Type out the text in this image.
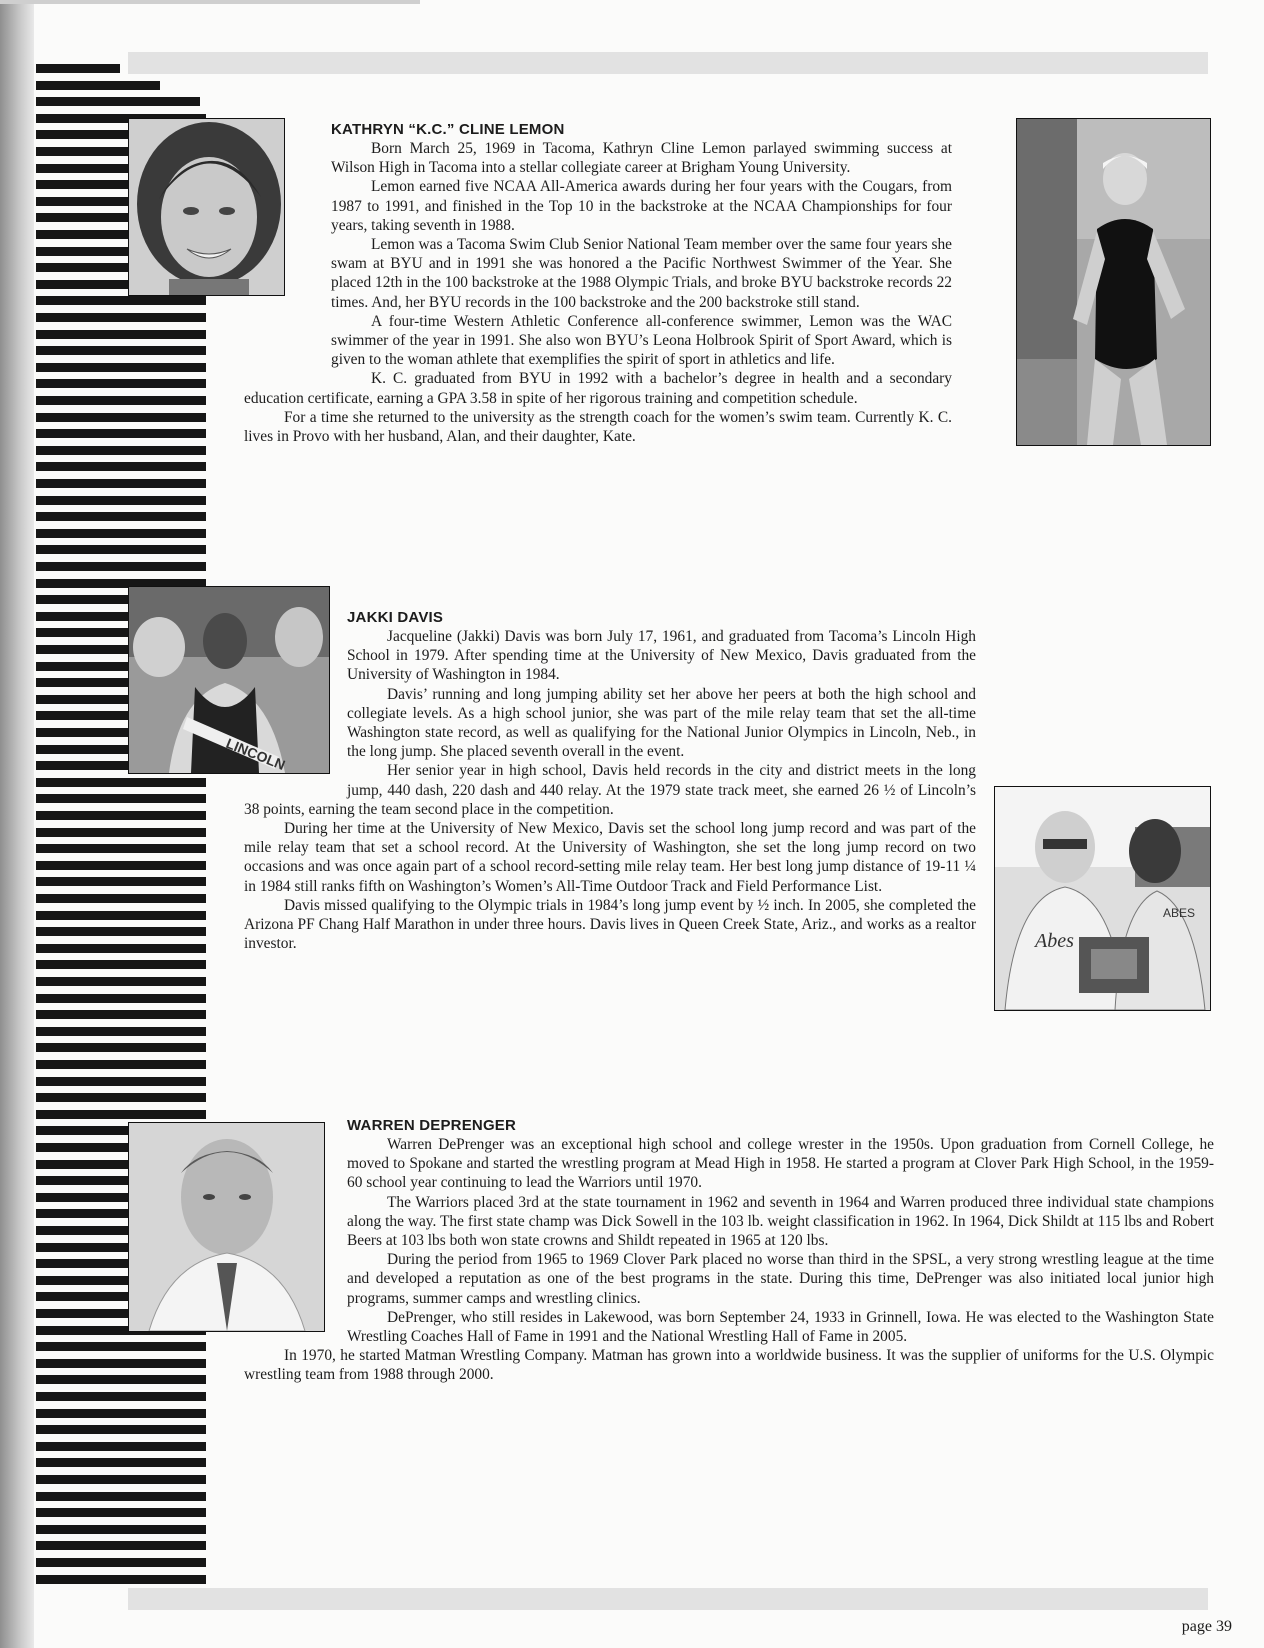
LINCOLN
Abes
ABES
KATHRYN “K.C.” CLINE LEMON

Born March 25, 1969 in Tacoma, Kathryn Cline Lemon parlayed swimming success at Wilson High in Tacoma into a stellar collegiate career at Brigham Young University.

Lemon earned five NCAA All-America awards during her four years with the Cougars, from 1987 to 1991, and finished in the Top 10 in the backstroke at the NCAA Championships for four years, taking seventh in 1988.

Lemon was a Tacoma Swim Club Senior National Team member over the same four years she swam at BYU and in 1991 she was honored a the Pacific Northwest Swimmer of the Year. She placed 12th in the 100 backstroke at the 1988 Olympic Trials, and broke BYU backstroke records 22 times. And, her BYU records in the 100 backstroke and the 200 backstroke still stand.

A four-time Western Athletic Conference all-conference swimmer, Lemon was the WAC swimmer of the year in 1991. She also won BYU’s Leona Holbrook Spirit of Sport Award, which is given to the woman athlete that exemplifies the spirit of sport in athletics and life.

K. C. graduated from BYU in 1992 with a bachelor’s degree in health and a secondary education certificate, earning a GPA 3.58 in spite of her rigorous training and competition schedule.

For a time she returned to the university as the strength coach for the women’s swim team. Currently K. C. lives in Provo with her husband, Alan, and their daughter, Kate.

JAKKI DAVIS

Jacqueline (Jakki) Davis was born July 17, 1961, and graduated from Tacoma’s Lincoln High School in 1979. After spending time at the University of New Mexico, Davis graduated from the University of Washington in 1984.

Davis’ running and long jumping ability set her above her peers at both the high school and collegiate levels. As a high school junior, she was part of the mile relay team that set the all-time Washington state record, as well as qualifying for the National Junior Olympics in Lincoln, Neb., in the long jump. She placed seventh overall in the event.

Her senior year in high school, Davis held records in the city and district meets in the long jump, 440 dash, 220 dash and 440 relay. At the 1979 state track meet, she earned 26 ½ of Lincoln’s 38 points, earning the team second place in the competition.

During her time at the University of New Mexico, Davis set the school long jump record and was part of the mile relay team that set a school record. At the University of Washington, she set the long jump record on two occasions and was once again part of a school record-setting mile relay team. Her best long jump distance of 19-11 ¼ in 1984 still ranks fifth on Washington’s Women’s All-Time Outdoor Track and Field Performance List.

Davis missed qualifying to the Olympic trials in 1984’s long jump event by ½ inch. In 2005, she completed the Arizona PF Chang Half Marathon in under three hours. Davis lives in Queen Creek State, Ariz., and works as a realtor investor.

WARREN DEPRENGER

Warren DePrenger was an exceptional high school and college wrester in the 1950s. Upon graduation from Cornell College, he moved to Spokane and started the wrestling program at Mead High in 1958. He started a program at Clover Park High School, in the 1959-60 school year continuing to lead the Warriors until 1970.

The Warriors placed 3rd at the state tournament in 1962 and seventh in 1964 and Warren produced three individual state champions along the way. The first state champ was Dick Sowell in the 103 lb. weight classification in 1962. In 1964, Dick Shildt at 115 lbs and Robert Beers at 103 lbs both won state crowns and Shildt repeated in 1965 at 120 lbs.

During the period from 1965 to 1969 Clover Park placed no worse than third in the SPSL, a very strong wrestling league at the time and developed a reputation as one of the best programs in the state. During this time, DePrenger was also initiated local junior high programs, summer camps and wrestling clinics.

DePrenger, who still resides in Lakewood, was born September 24, 1933 in Grinnell, Iowa. He was elected to the Washington State Wrestling Coaches Hall of Fame in 1991 and the National Wrestling Hall of Fame in 2005.

In 1970, he started Matman Wrestling Company. Matman has grown into a worldwide business. It was the supplier of uniforms for the U.S. Olympic wrestling team from 1988 through 2000.

page 39
